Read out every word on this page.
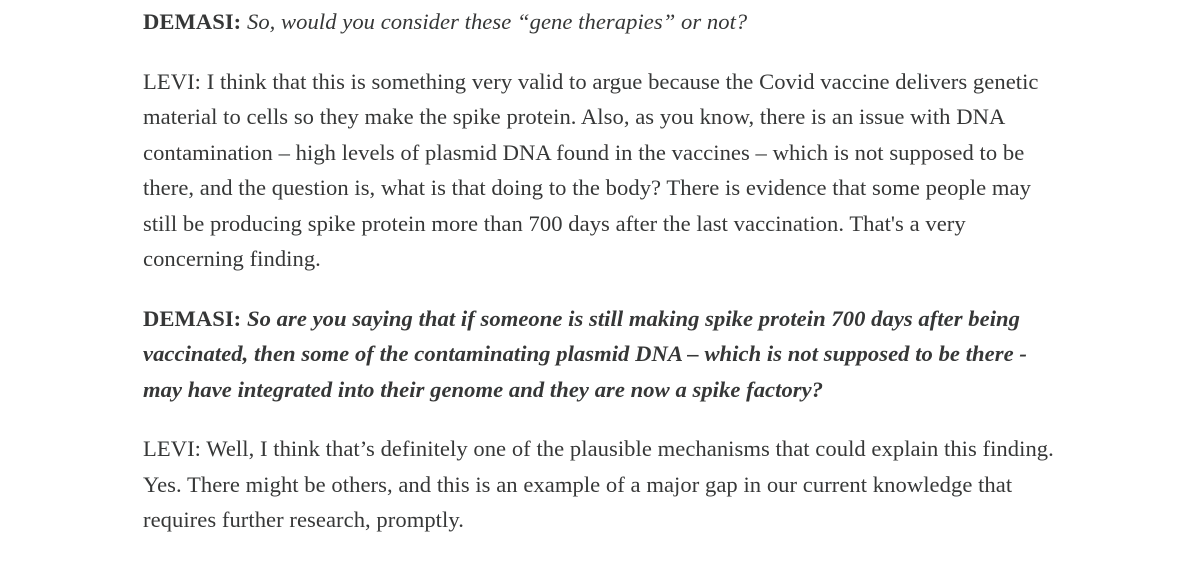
DEMASI: So, would you consider these “gene therapies” or not?

LEVI: I think that this is something very valid to argue because the Covid vaccine delivers genetic material to cells so they make the spike protein. Also, as you know, there is an issue with DNA contamination – high levels of plasmid DNA found in the vaccines – which is not supposed to be there, and the question is, what is that doing to the body? There is evidence that some people may still be producing spike protein more than 700 days after the last vaccination. That's a very concerning finding.

DEMASI: So are you saying that if someone is still making spike protein 700 days after being vaccinated, then some of the contaminating plasmid DNA – which is not supposed to be there - may have integrated into their genome and they are now a spike factory?

LEVI: Well, I think that’s definitely one of the plausible mechanisms that could explain this finding. Yes. There might be others, and this is an example of a major gap in our current knowledge that requires further research, promptly.
